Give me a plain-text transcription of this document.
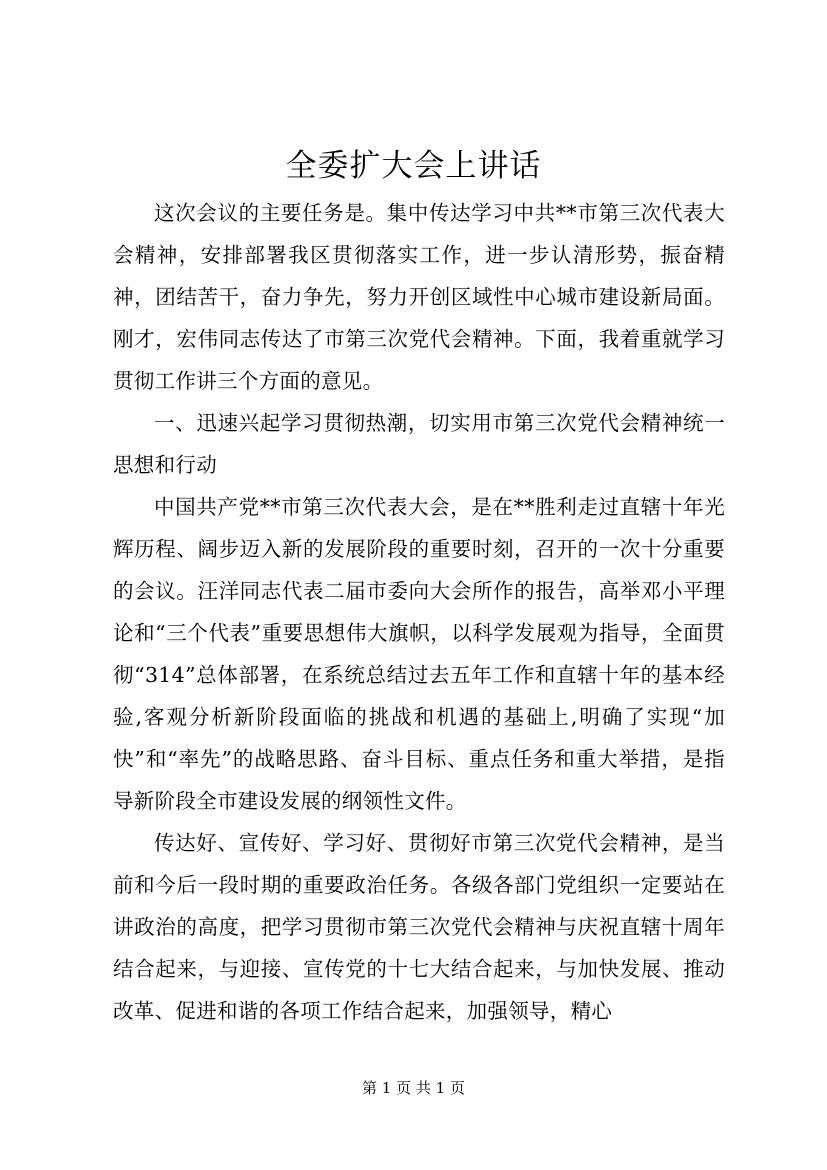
全委扩大会上讲话

这次会议的主要任务是。集中传达学习中共**市第三次代表大会精神，安排部署我区贯彻落实工作，进一步认清形势，振奋精神，团结苦干，奋力争先，努力开创区域性中心城市建设新局面。刚才，宏伟同志传达了市第三次党代会精神。下面，我着重就学习贯彻工作讲三个方面的意见。

一、迅速兴起学习贯彻热潮，切实用市第三次党代会精神统一思想和行动

中国共产党**市第三次代表大会，是在**胜利走过直辖十年光辉历程、阔步迈入新的发展阶段的重要时刻，召开的一次十分重要的会议。汪洋同志代表二届市委向大会所作的报告，高举邓小平理论和“三个代表”重要思想伟大旗帜，以科学发展观为指导，全面贯彻“314”总体部署，在系统总结过去五年工作和直辖十年的基本经验,客观分析新阶段面临的挑战和机遇的基础上,明确了实现“加快”和“率先”的战略思路、奋斗目标、重点任务和重大举措，是指导新阶段全市建设发展的纲领性文件。

传达好、宣传好、学习好、贯彻好市第三次党代会精神，是当前和今后一段时期的重要政治任务。各级各部门党组织一定要站在讲政治的高度，把学习贯彻市第三次党代会精神与庆祝直辖十周年结合起来，与迎接、宣传党的十七大结合起来，与加快发展、推动改革、促进和谐的各项工作结合起来，加强领导，精心

第 1 页 共 1 页
